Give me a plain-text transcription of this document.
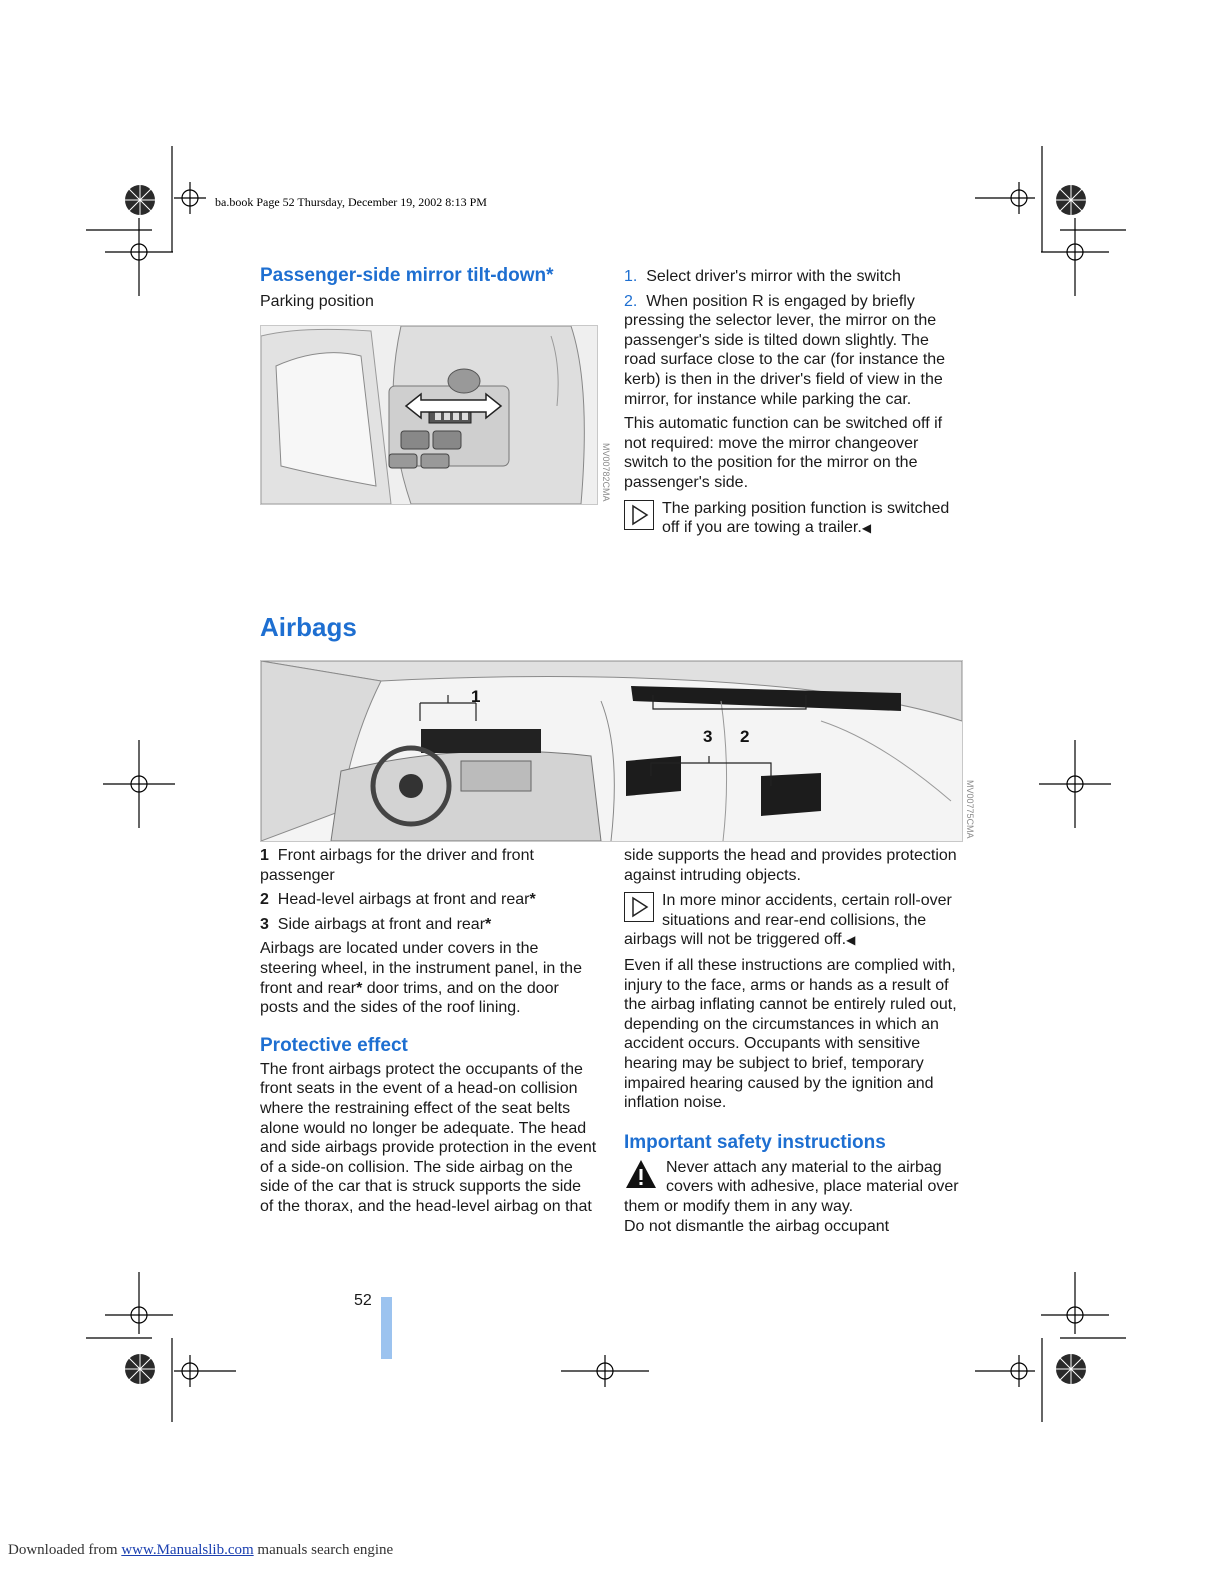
ba.book Page 52 Thursday, December 19, 2002 8:13 PM
Passenger-side mirror tilt-down*
Parking position
MV00782CMA

1. Select driver's mirror with the switch

2. When position R is engaged by briefly pressing the selector lever, the mirror on the passenger's side is tilted down slightly. The road surface close to the car (for instance the kerb) is then in the driver's field of view in the mirror, for instance while parking the car.

This automatic function can be switched off if not required: move the mirror changeover switch to the position for the mirror on the passenger's side.

The parking position function is switched off if you are towing a trailer.◀

Airbags
1
3 2
MV00775CMA

1 Front airbags for the driver and front passenger

2 Head-level airbags at front and rear*

3 Side airbags at front and rear*

Airbags are located under covers in the steering wheel, in the instrument panel, in the front and rear* door trims, and on the door posts and the sides of the roof lining.

Protective effect

The front airbags protect the occupants of the front seats in the event of a head-on collision where the restraining effect of the seat belts alone would no longer be adequate. The head and side airbags provide protection in the event of a side-on collision. The side airbag on the side of the car that is struck supports the side of the thorax, and the head-level airbag on that

side supports the head and provides protection against intruding objects.

In more minor accidents, certain roll-over situations and rear-end collisions, the airbags will not be triggered off.◀

Even if all these instructions are complied with, injury to the face, arms or hands as a result of the airbag inflating cannot be entirely ruled out, depending on the circumstances in which an accident occurs. Occupants with sensitive hearing may be subject to brief, temporary impaired hearing caused by the ignition and inflation noise.

Important safety instructions

Never attach any material to the airbag covers with adhesive, place material over them or modify them in any way.

Do not dismantle the airbag occupant

52
Downloaded from www.Manualslib.com manuals search engine
